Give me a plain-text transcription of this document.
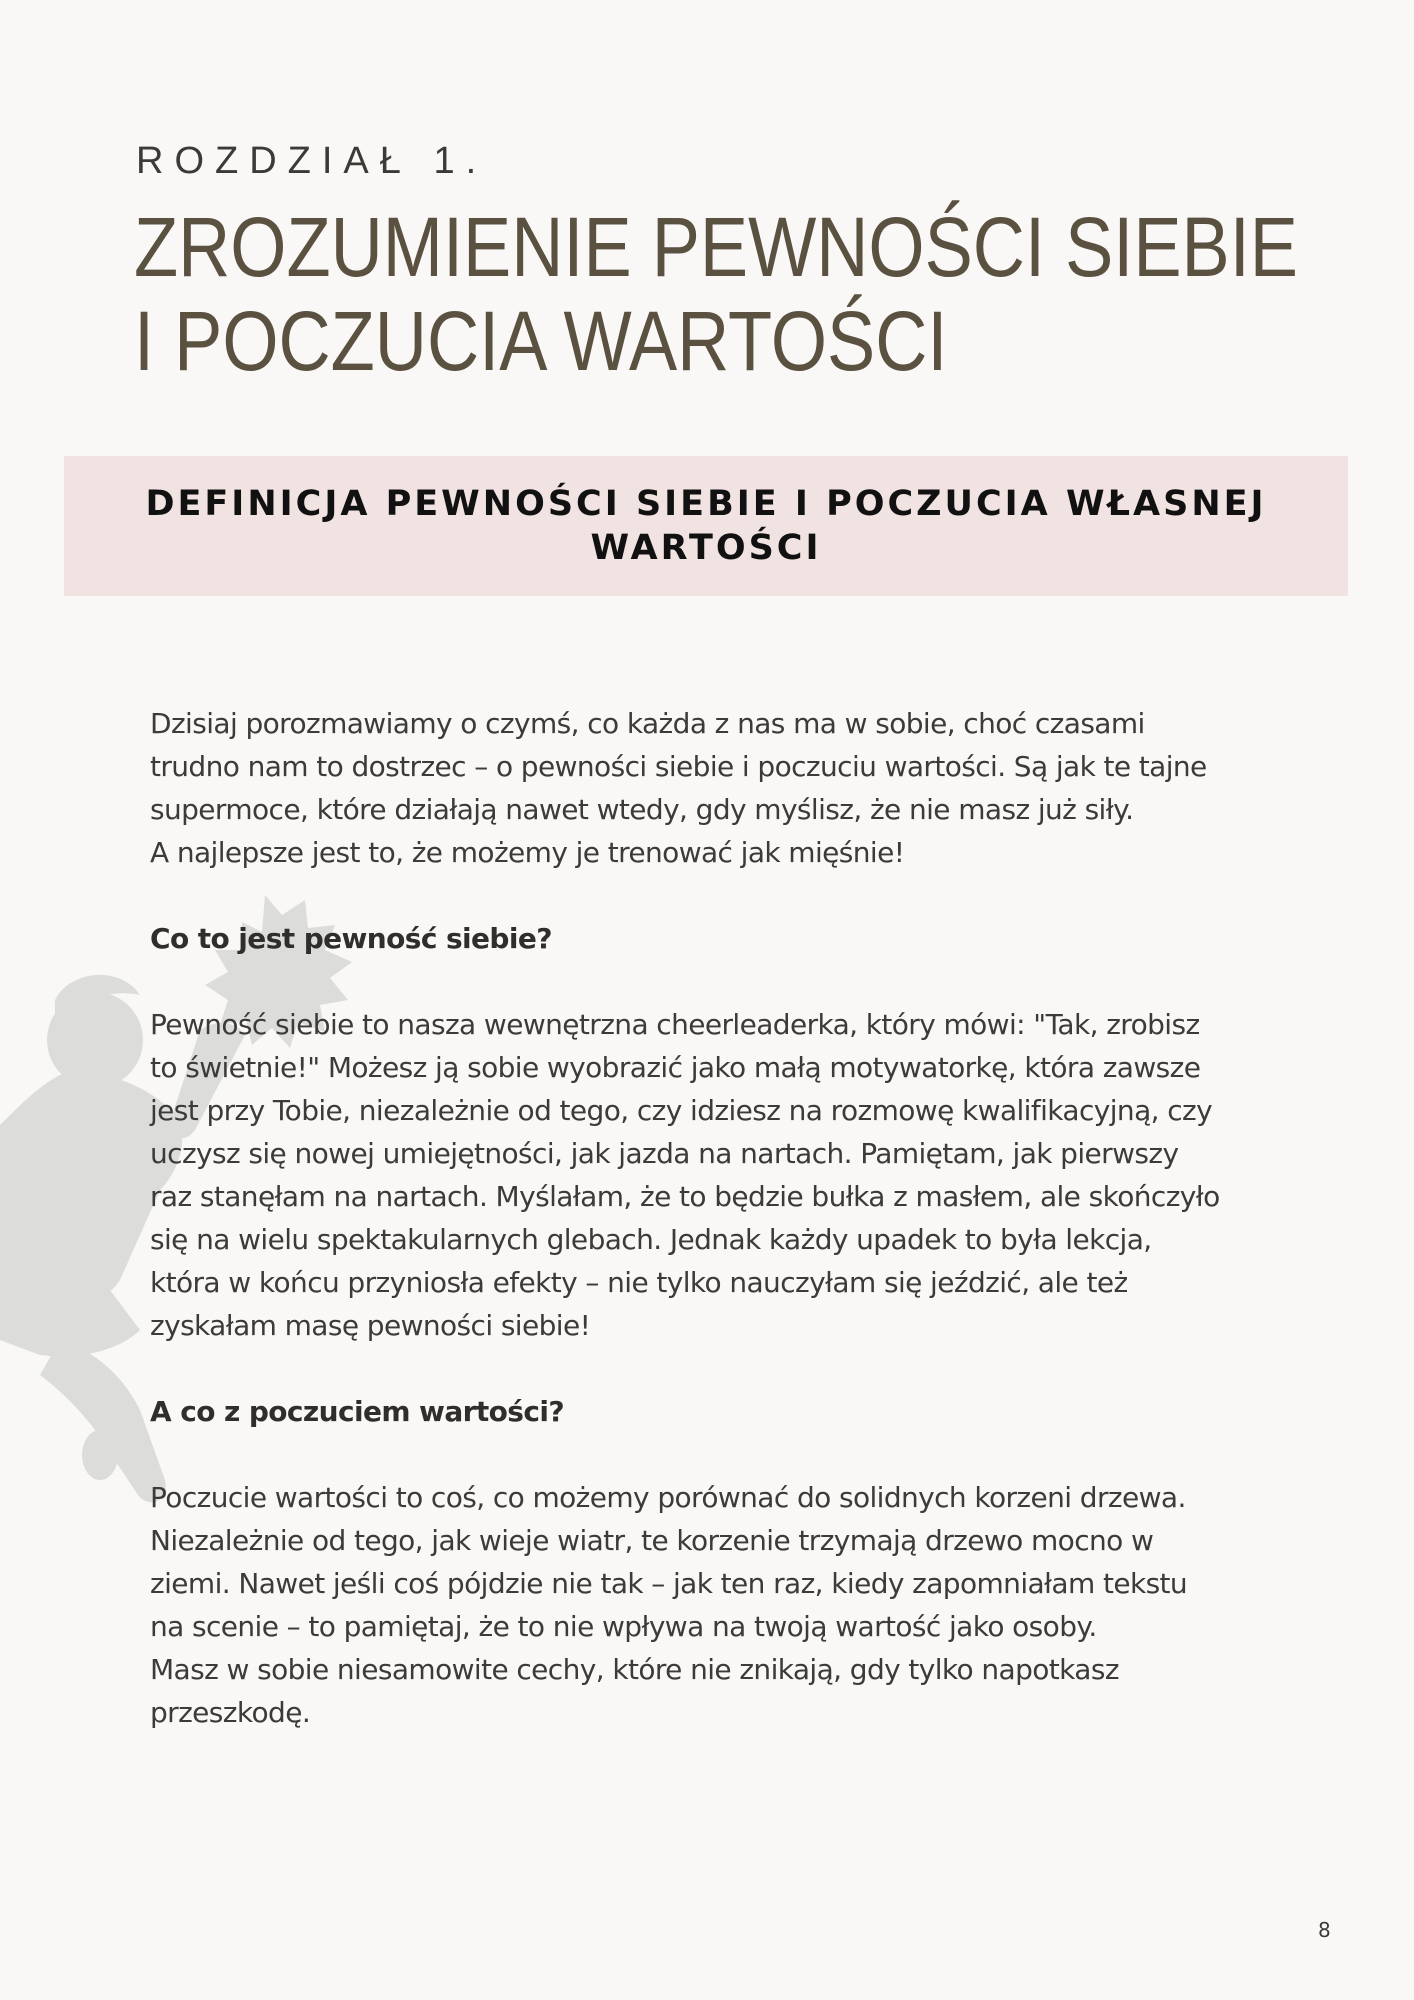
ROZDZIAŁ 1.
ZROZUMIENIE PEWNOŚCI SIEBIE
I POCZUCIA WARTOŚCI
DEFINICJA PEWNOŚCI SIEBIE I POCZUCIA WŁASNEJ
WARTOŚCI

Dzisiaj porozmawiamy o czymś, co każda z nas ma w sobie, choć czasami
trudno nam to dostrzec – o pewności siebie i poczuciu wartości. Są jak te tajne
supermoce, które działają nawet wtedy, gdy myślisz, że nie masz już siły.
A najlepsze jest to, że możemy je trenować jak mięśnie!

Co to jest pewność siebie?

Pewność siebie to nasza wewnętrzna cheerleaderka, który mówi: "Tak, zrobisz
to świetnie!" Możesz ją sobie wyobrazić jako małą motywatorkę, która zawsze
jest przy Tobie, niezależnie od tego, czy idziesz na rozmowę kwalifikacyjną, czy
uczysz się nowej umiejętności, jak jazda na nartach. Pamiętam, jak pierwszy
raz stanęłam na nartach. Myślałam, że to będzie bułka z masłem, ale skończyło
się na wielu spektakularnych glebach. Jednak każdy upadek to była lekcja,
która w końcu przyniosła efekty – nie tylko nauczyłam się jeździć, ale też
zyskałam masę pewności siebie!

A co z poczuciem wartości?

Poczucie wartości to coś, co możemy porównać do solidnych korzeni drzewa.
Niezależnie od tego, jak wieje wiatr, te korzenie trzymają drzewo mocno w
ziemi. Nawet jeśli coś pójdzie nie tak – jak ten raz, kiedy zapomniałam tekstu
na scenie – to pamiętaj, że to nie wpływa na twoją wartość jako osoby.
Masz w sobie niesamowite cechy, które nie znikają, gdy tylko napotkasz
przeszkodę.

8
